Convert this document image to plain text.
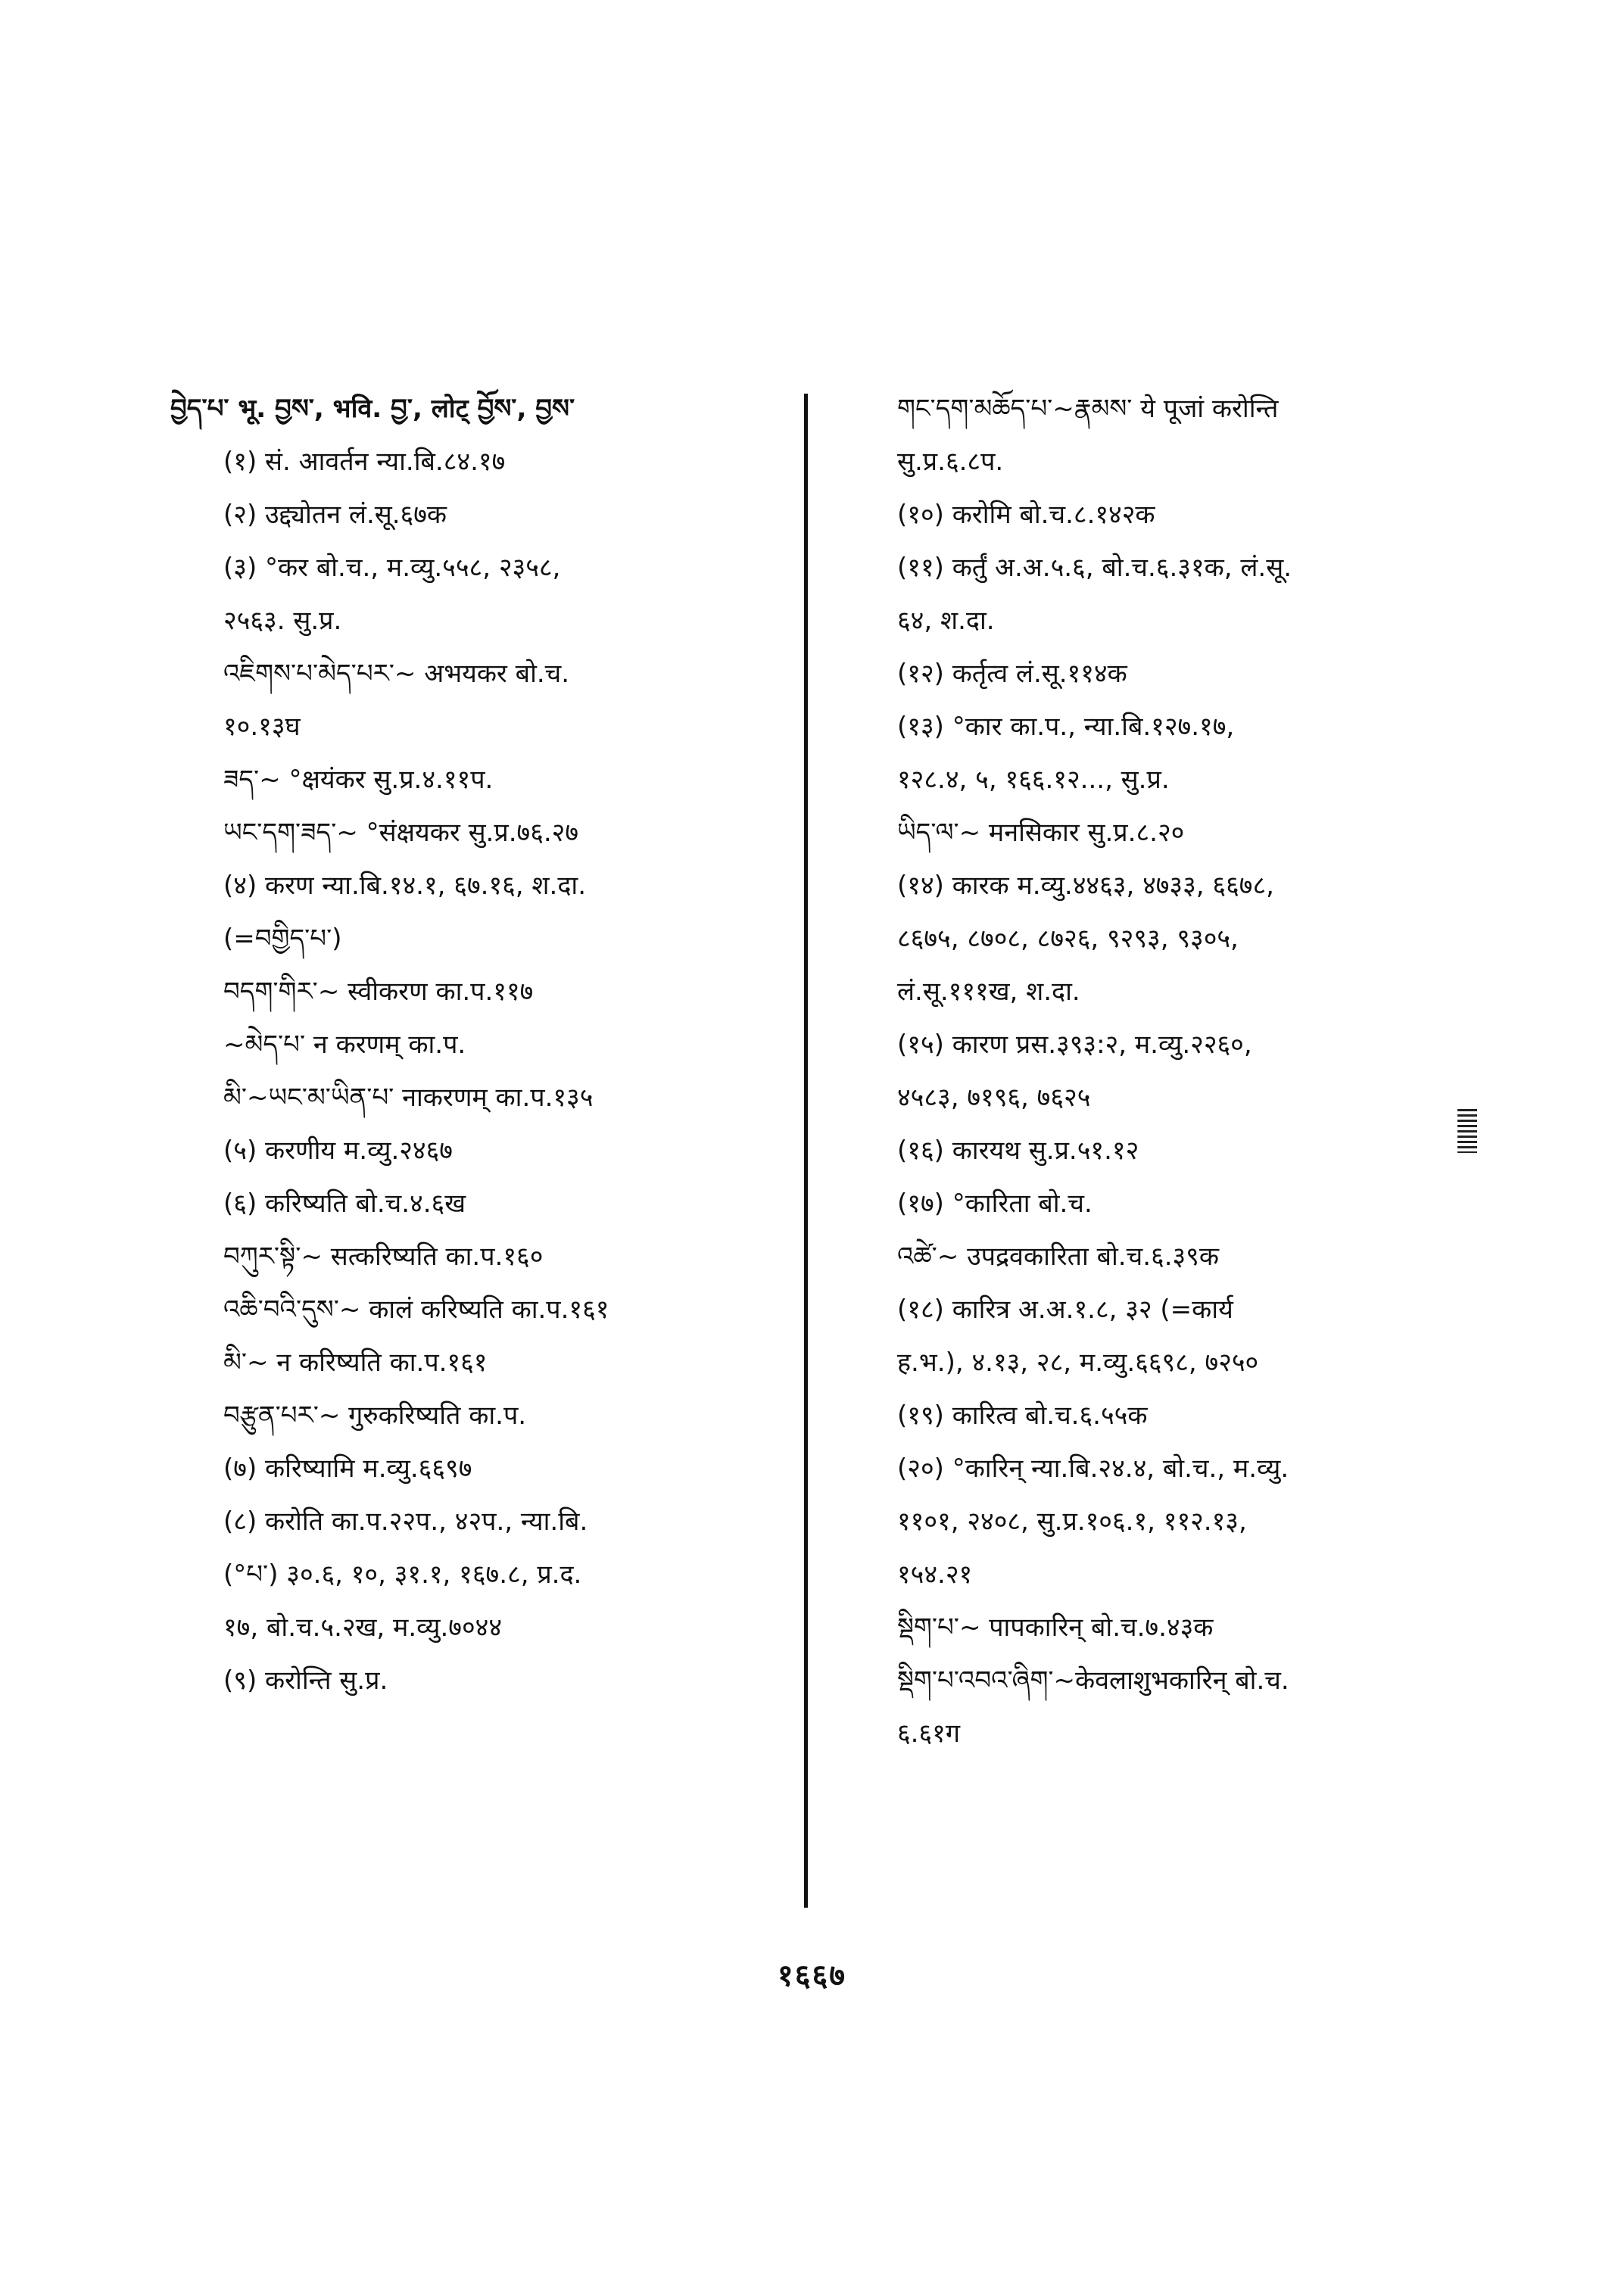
བྱེད་པ་ भू. བྱས་, भवि. བྱ་, लोट् བྱོས་, བྱས་
(१) सं. आवर्तन न्या.बि.८४.१७
(२) उद्द्योतन लं.सू.६७क
(३) °कर बो.च., म.व्यु.५५८, २३५८,
२५६३. सु.प्र.
འཇིགས་པ་མེད་པར་~ अभयकर बो.च.
१०.१३घ
ཟད་~ °क्षयंकर सु.प्र.४.११प.
ཡང་དག་ཟད་~ °संक्षयकर सु.प्र.७६.२७
(४) करण न्या.बि.१४.१, ६७.१६, श.दा.
(=བགྱིད་པ་)
བདག་གིར་~ स्वीकरण का.प.११७
~མེད་པ་ न करणम् का.प.
མི་~ཡང་མ་ཡིན་པ་ नाकरणम् का.प.१३५
(५) करणीय म.व्यु.२४६७
(६) करिष्यति बो.च.४.६ख
བཀུར་སྟི་~ सत्करिष्यति का.प.१६०
འཆི་བའི་དུས་~ कालं करिष्यति का.प.१६१
མི་~ न करिष्यति का.प.१६१
བརྩུན་པར་~ गुरुकरिष्यति का.प.
(७) करिष्यामि म.व्यु.६६९७
(८) करोति का.प.२२प., ४२प., न्या.बि.
(°པ་) ३०.६, १०, ३१.१, १६७.८, प्र.द.
१७, बो.च.५.२ख, म.व्यु.७०४४
(९) करोन्ति सु.प्र.
གང་དག་མཆོད་པ་~རྣམས་ ये पूजां करोन्ति
सु.प्र.६.८प.
(१०) करोमि बो.च.८.१४२क
(११) कर्तुं अ.अ.५.६, बो.च.६.३१क, लं.सू.
६४, श.दा.
(१२) कर्तृत्व लं.सू.११४क
(१३) °कार का.प., न्या.बि.१२७.१७,
१२८.४, ५, १६६.१२..., सु.प्र.
ཡིད་ལ་~ मनसिकार सु.प्र.८.२०
(१४) कारक म.व्यु.४४६३, ४७३३, ६६७८,
८६७५, ८७०८, ८७२६, ९२९३, ९३०५,
लं.सू.१११ख, श.दा.
(१५) कारण प्रस.३९३:२, म.व्यु.२२६०,
४५८३, ७१९६, ७६२५
(१६) कारयथ सु.प्र.५१.१२
(१७) °कारिता बो.च.
འཚེ་~ उपद्रवकारिता बो.च.६.३९क
(१८) कारित्र अ.अ.१.८, ३२ (=कार्य
ह.भ.), ४.१३, २८, म.व्यु.६६९८, ७२५०
(१९) कारित्व बो.च.६.५५क
(२०) °कारिन् न्या.बि.२४.४, बो.च., म.व्यु.
११०१, २४०८, सु.प्र.१०६.१, ११२.१३,
१५४.२१
སྡིག་པ་~ पापकारिन् बो.च.७.४३क
སྡིག་པ་འབའ་ཞིག་~केवलाशुभकारिन् बो.च.
६.६१ग
१६६७
